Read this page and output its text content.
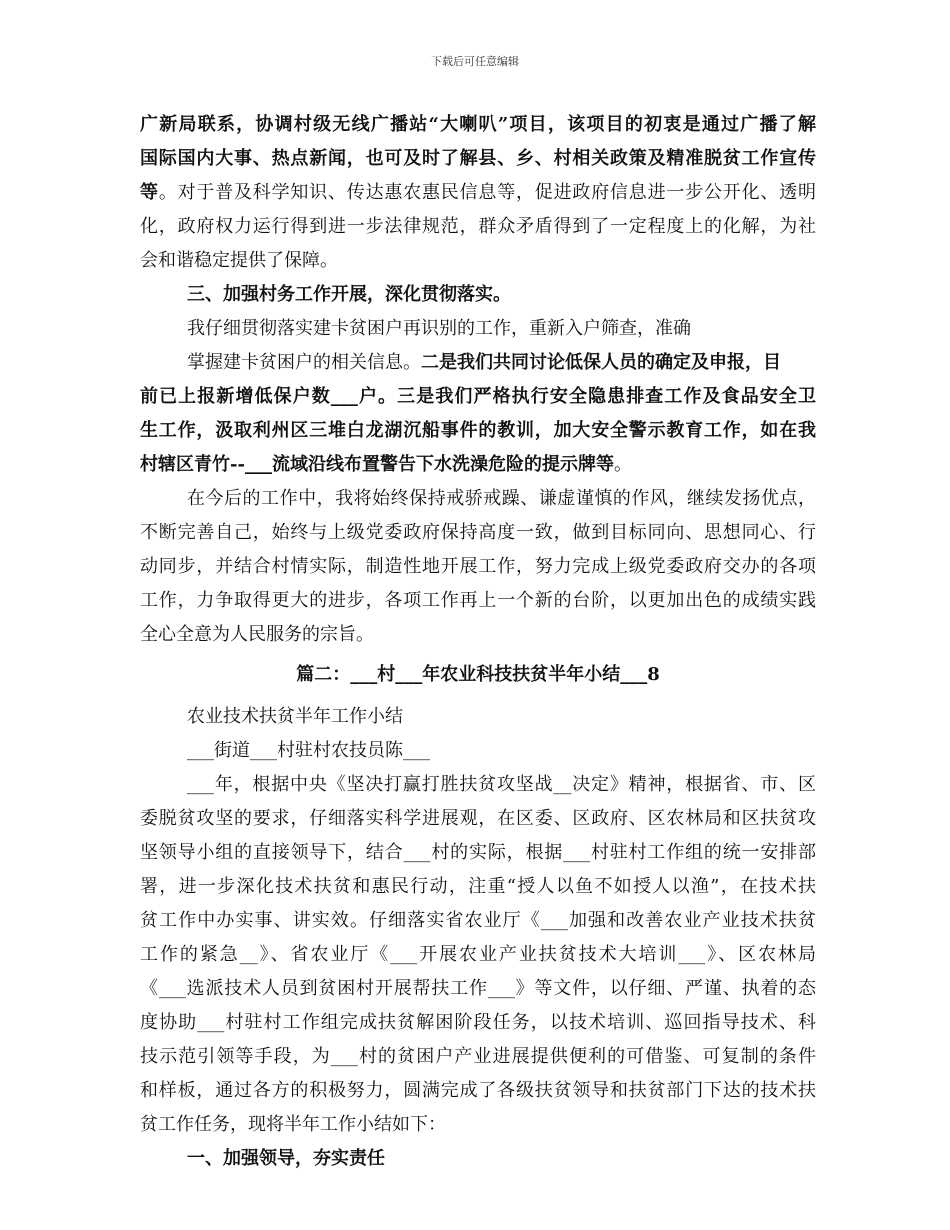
下载后可任意编辑
广新局联系，协调村级无线广播站“大喇叭”项目，该项目的初衷是通过广播了解
国际国内大事、热点新闻，也可及时了解县、乡、村相关政策及精准脱贫工作宣传
等。对于普及科学知识、传达惠农惠民信息等，促进政府信息进一步公开化、透明
化，政府权力运行得到进一步法律规范，群众矛盾得到了一定程度上的化解，为社
会和谐稳定提供了保障。
三、加强村务工作开展，深化贯彻落实。
我仔细贯彻落实建卡贫困户再识别的工作，重新入户筛查，准确
掌握建卡贫困户的相关信息。二是我们共同讨论低保人员的确定及申报，目
前已上报新增低保户数___户。三是我们严格执行安全隐患排查工作及食品安全卫
生工作，汲取利州区三堆白龙湖沉船事件的教训，加大安全警示教育工作，如在我
村辖区青竹--___流域沿线布置警告下水洗澡危险的提示牌等。
在今后的工作中，我将始终保持戒骄戒躁、谦虚谨慎的作风，继续发扬优点，
不断完善自己，始终与上级党委政府保持高度一致，做到目标同向、思想同心、行
动同步，并结合村情实际，制造性地开展工作，努力完成上级党委政府交办的各项
工作，力争取得更大的进步，各项工作再上一个新的台阶，以更加出色的成绩实践
全心全意为人民服务的宗旨。
篇二：___村___年农业科技扶贫半年小结___8
农业技术扶贫半年工作小结
___街道___村驻村农技员陈___
___年，根据中央《坚决打赢打胜扶贫攻坚战__决定》精神，根据省、市、区
委脱贫攻坚的要求，仔细落实科学进展观，在区委、区政府、区农林局和区扶贫攻
坚领导小组的直接领导下，结合___村的实际，根据___村驻村工作组的统一安排部
署，进一步深化技术扶贫和惠民行动，注重“授人以鱼不如授人以渔”，在技术扶
贫工作中办实事、讲实效。仔细落实省农业厅《___加强和改善农业产业技术扶贫
工作的紧急__》、省农业厅《___开展农业产业扶贫技术大培训___》、区农林局
《___选派技术人员到贫困村开展帮扶工作___》等文件，以仔细、严谨、执着的态
度协助___村驻村工作组完成扶贫解困阶段任务，以技术培训、巡回指导技术、科
技示范引领等手段，为___村的贫困户产业进展提供便利的可借鉴、可复制的条件
和样板，通过各方的积极努力，圆满完成了各级扶贫领导和扶贫部门下达的技术扶
贫工作任务，现将半年工作小结如下：
一、加强领导，夯实责任
